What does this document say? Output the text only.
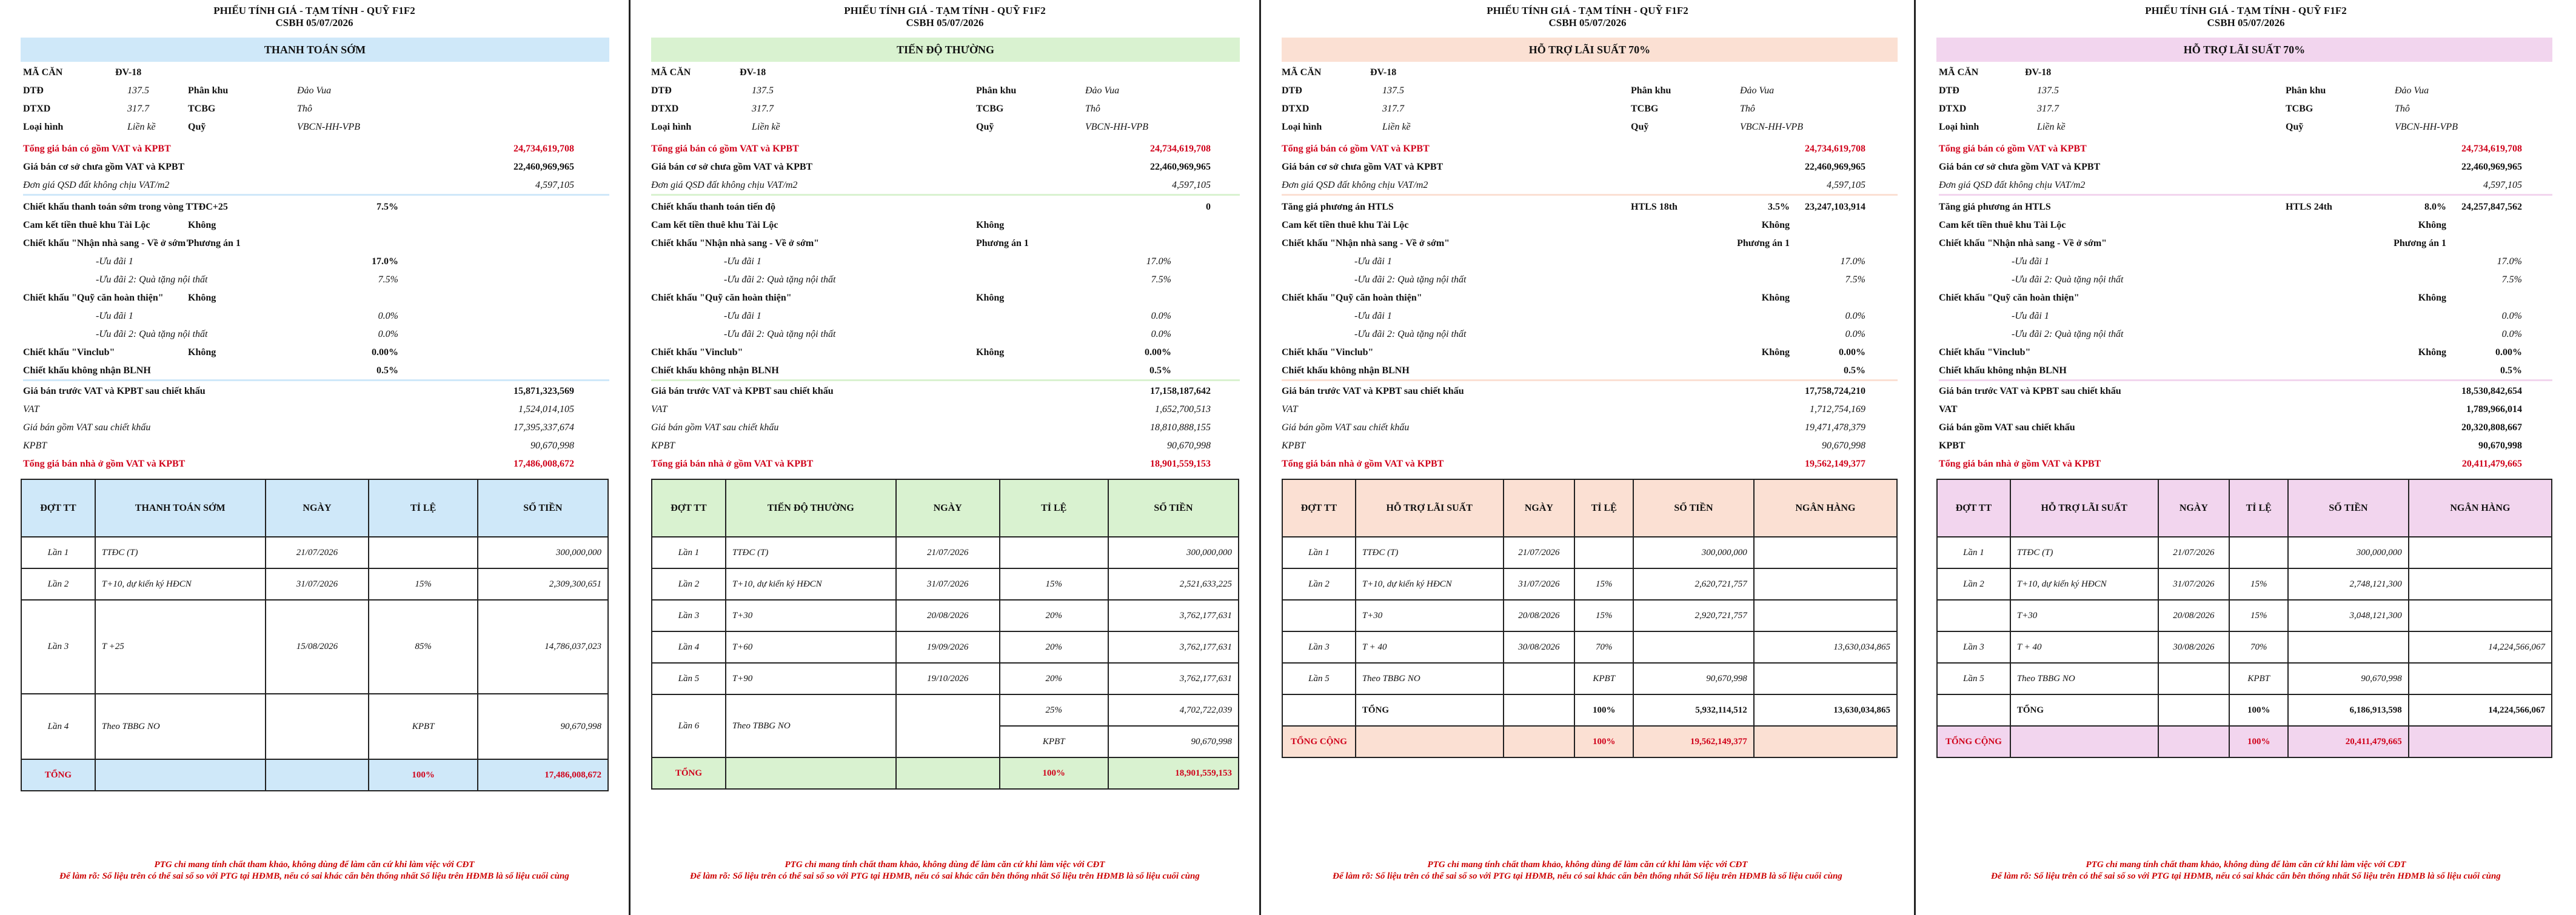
PHIẾU TÍNH GIÁ - TẠM TÍNH - QUỸ F1F2
CSBH 05/07/2026
THANH TOÁN SỚM
MÃ CĂN	ĐV-18
DTĐ	137.5	Phân khu	Đảo Vua
DTXD	317.7	TCBG	Thô
Loại hình	Liền kề	Quỹ	VBCN-HH-VPB
Tổng giá bán có gồm VAT và KPBT	24,734,619,708
Giá bán cơ sở chưa gồm VAT và KPBT	22,460,969,965
Đơn giá QSD đất không chịu VAT/m2	4,597,105
Chiết khấu thanh toán sớm trong vòng TTĐC+25	7.5%
Cam kết tiền thuê khu Tài Lộc	Không
Chiết khấu "Nhận nhà sang - Về ở sớm"
Phương án 1
-Ưu đãi 1	17.0%
-Ưu đãi 2: Quà tặng nội thất	7.5%
Chiết khấu "Quỹ căn hoàn thiện"	Không
-Ưu đãi 1	0.0%
-Ưu đãi 2: Quà tặng nội thất	0.0%
Chiết khấu "Vinclub"	Không	0.00%
Chiết khấu không nhận BLNH	0.5%
Giá bán trước VAT và KPBT sau chiết khấu	15,871,323,569
VAT	1,524,014,105
Giá bán gồm VAT sau chiết khấu	17,395,337,674
KPBT	90,670,998
Tổng giá bán nhà ở gồm VAT và KPBT	17,486,008,672
ĐỢT TT	THANH TOÁN SỚM	NGÀY	TỈ LỆ	SỐ TIỀN
Lần 1	TTĐC (T)	21/07/2026		300,000,000
Lần 2	T+10, dự kiến ký HĐCN	31/07/2026	15%	2,309,300,651
Lần 3	T +25	15/08/2026	85%	14,786,037,023
Lần 4	Theo TBBG NO		KPBT	90,670,998
TỔNG			100%	17,486,008,672
PTG chỉ mang tính chất tham khảo, không dùng để làm căn cứ khi làm việc với CĐT
Để làm rõ: Số liệu trên có thể sai số so với PTG tại HĐMB, nếu có sai khác cẩn bên thống nhất Số liệu trên HĐMB là số liệu cuối cùng
PHIẾU TÍNH GIÁ - TẠM TÍNH - QUỸ F1F2
CSBH 05/07/2026
TIẾN ĐỘ THƯỜNG
MÃ CĂN	ĐV-18
DTĐ	137.5	Phân khu	Đảo Vua
DTXD	317.7	TCBG	Thô
Loại hình	Liền kề	Quỹ	VBCN-HH-VPB
Tổng giá bán có gồm VAT và KPBT	24,734,619,708
Giá bán cơ sở chưa gồm VAT và KPBT	22,460,969,965
Đơn giá QSD đất không chịu VAT/m2	4,597,105
Chiết khấu thanh toán tiến độ	0
Cam kết tiền thuê khu Tài Lộc	Không
Chiết khấu "Nhận nhà sang - Về ở sớm"	Phương án 1
-Ưu đãi 1	17.0%
-Ưu đãi 2: Quà tặng nội thất	7.5%
Chiết khấu "Quỹ căn hoàn thiện"	Không
-Ưu đãi 1	0.0%
-Ưu đãi 2: Quà tặng nội thất	0.0%
Chiết khấu "Vinclub"	Không	0.00%
Chiết khấu không nhận BLNH	0.5%
Giá bán trước VAT và KPBT sau chiết khấu	17,158,187,642
VAT	1,652,700,513
Giá bán gồm VAT sau chiết khấu	18,810,888,155
KPBT	90,670,998
Tổng giá bán nhà ở gồm VAT và KPBT	18,901,559,153
ĐỢT TT	TIẾN ĐỘ THƯỜNG	NGÀY	TỈ LỆ	SỐ TIỀN
Lần 1	TTĐC (T)	21/07/2026		300,000,000
Lần 2	T+10, dự kiến ký HĐCN	31/07/2026	15%	2,521,633,225
Lần 3	T+30	20/08/2026	20%	3,762,177,631
Lần 4	T+60	19/09/2026	20%	3,762,177,631
Lần 5	T+90	19/10/2026	20%	3,762,177,631
Lần 6	Theo TBBG NO		25%	4,702,722,039
			KPBT	90,670,998
TỔNG			100%	18,901,559,153
PTG chỉ mang tính chất tham khảo, không dùng để làm căn cứ khi làm việc với CĐT
Để làm rõ: Số liệu trên có thể sai số so với PTG tại HĐMB, nếu có sai khác cẩn bên thống nhất Số liệu trên HĐMB là số liệu cuối cùng
PHIẾU TÍNH GIÁ - TẠM TÍNH - QUỸ F1F2
CSBH 05/07/2026
HỖ TRỢ LÃI SUẤT 70%
MÃ CĂN	ĐV-18
DTĐ	137.5	Phân khu	Đảo Vua
DTXD	317.7	TCBG	Thô
Loại hình	Liền kề	Quỹ	VBCN-HH-VPB
Tổng giá bán có gồm VAT và KPBT	24,734,619,708
Giá bán cơ sở chưa gồm VAT và KPBT	22,460,969,965
Đơn giá QSD đất không chịu VAT/m2	4,597,105
Tăng giá phương án HTLS	HTLS 18th	3.5% 23,247,103,914
Cam kết tiền thuê khu Tài Lộc	Không
Chiết khấu "Nhận nhà sang - Về ở sớm"	Phương án 1
-Ưu đãi 1	17.0%
-Ưu đãi 2: Quà tặng nội thất	7.5%
Chiết khấu "Quỹ căn hoàn thiện"	Không
-Ưu đãi 1	0.0%
-Ưu đãi 2: Quà tặng nội thất	0.0%
Chiết khấu "Vinclub"	Không	0.00%
Chiết khấu không nhận BLNH	0.5%
Giá bán trước VAT và KPBT sau chiết khấu	17,758,724,210
VAT	1,712,754,169
Giá bán gồm VAT sau chiết khấu	19,471,478,379
KPBT	90,670,998
Tổng giá bán nhà ở gồm VAT và KPBT	19,562,149,377
ĐỢT TT	HỖ TRỢ LÃI SUẤT	NGÀY	TỈ LỆ	SỐ TIỀN	NGÂN HÀNG
Lần 1	TTĐC (T)	21/07/2026		300,000,000	
Lần 2	T+10, dự kiến ký HĐCN	31/07/2026	15%	2,620,721,757	
	T+30	20/08/2026	15%	2,920,721,757	
Lần 3	T + 40	30/08/2026	70%		13,630,034,865
Lần 5	Theo TBBG NO		KPBT	90,670,998	
	TỔNG		100%	5,932,114,512	13,630,034,865
TỔNG CỘNG			100%	19,562,149,377	
PTG chỉ mang tính chất tham khảo, không dùng để làm căn cứ khi làm việc với CĐT
Để làm rõ: Số liệu trên có thể sai số so với PTG tại HĐMB, nếu có sai khác cẩn bên thống nhất Số liệu trên HĐMB là số liệu cuối cùng
PHIẾU TÍNH GIÁ - TẠM TÍNH - QUỸ F1F2
CSBH 05/07/2026
HỖ TRỢ LÃI SUẤT 70%
MÃ CĂN	ĐV-18
DTĐ	137.5	Phân khu	Đảo Vua
DTXD	317.7	TCBG	Thô
Loại hình	Liền kề	Quỹ	VBCN-HH-VPB
Tổng giá bán có gồm VAT và KPBT	24,734,619,708
Giá bán cơ sở chưa gồm VAT và KPBT	22,460,969,965
Đơn giá QSD đất không chịu VAT/m2	4,597,105
Tăng giá phương án HTLS	HTLS 24th	8.0% 24,257,847,562
Cam kết tiền thuê khu Tài Lộc	Không
Chiết khấu "Nhận nhà sang - Về ở sớm"	Phương án 1
-Ưu đãi 1	17.0%
-Ưu đãi 2: Quà tặng nội thất	7.5%
Chiết khấu "Quỹ căn hoàn thiện"	Không
-Ưu đãi 1	0.0%
-Ưu đãi 2: Quà tặng nội thất	0.0%
Chiết khấu "Vinclub"	Không	0.00%
Chiết khấu không nhận BLNH	0.5%
Giá bán trước VAT và KPBT sau chiết khấu	18,530,842,654
VAT	1,789,966,014
Giá bán gồm VAT sau chiết khấu	20,320,808,667
KPBT	90,670,998
Tổng giá bán nhà ở gồm VAT và KPBT	20,411,479,665
ĐỢT TT	HỖ TRỢ LÃI SUẤT	NGÀY	TỈ LỆ	SỐ TIỀN	NGÂN HÀNG
Lần 1	TTĐC (T)	21/07/2026		300,000,000	
Lần 2	T+10, dự kiến ký HĐCN	31/07/2026	15%	2,748,121,300	
	T+30	20/08/2026	15%	3,048,121,300	
Lần 3	T + 40	30/08/2026	70%		14,224,566,067
Lần 5	Theo TBBG NO		KPBT	90,670,998	
	TỔNG		100%	6,186,913,598	14,224,566,067
TỔNG CỘNG			100%	20,411,479,665	
PTG chỉ mang tính chất tham khảo, không dùng để làm căn cứ khi làm việc với CĐT
Để làm rõ: Số liệu trên có thể sai số so với PTG tại HĐMB, nếu có sai khác cẩn bên thống nhất Số liệu trên HĐMB là số liệu cuối cùng
